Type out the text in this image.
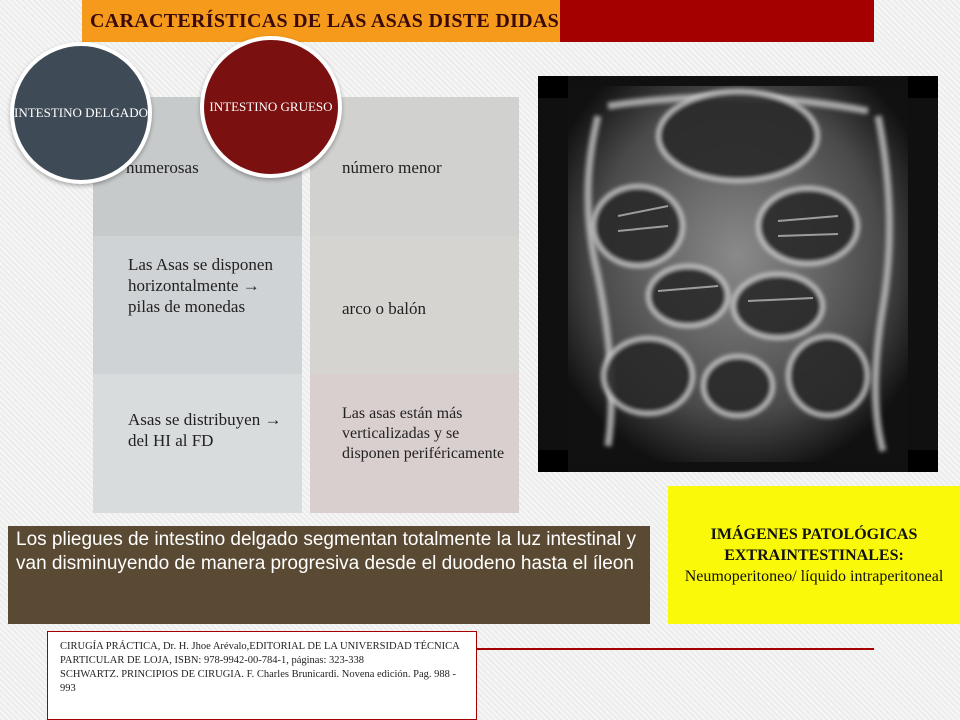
CARACTERÍSTICAS DE LAS ASAS DISTE DIDAS
numerosas
Las Asas se disponen horizontalmente → pilas de monedas
Asas se distribuyen → del HI al FD
número menor
arco o balón
Las asas están más verticalizadas y se disponen periféricamente
INTESTINO DELGADO	INTESTINO GRUESO
IMÁGENES PATOLÓGICAS EXTRAINTESTINALES:
Neumoperitoneo/ líquido intraperitoneal
Los pliegues de intestino delgado segmentan totalmente la luz intestinal y van disminuyendo de manera progresiva desde el duodeno hasta el íleon
CIRUGÍA PRÁCTICA, Dr. H. Jhoe Arévalo,EDITORIAL DE LA UNIVERSIDAD TÉCNICA PARTICULAR DE LOJA, ISBN: 978-9942-00-784-1, páginas: 323-338
SCHWARTZ. PRINCIPIOS DE CIRUGIA. F. Charles Brunicardi. Novena edición. Pag. 988 - 993
